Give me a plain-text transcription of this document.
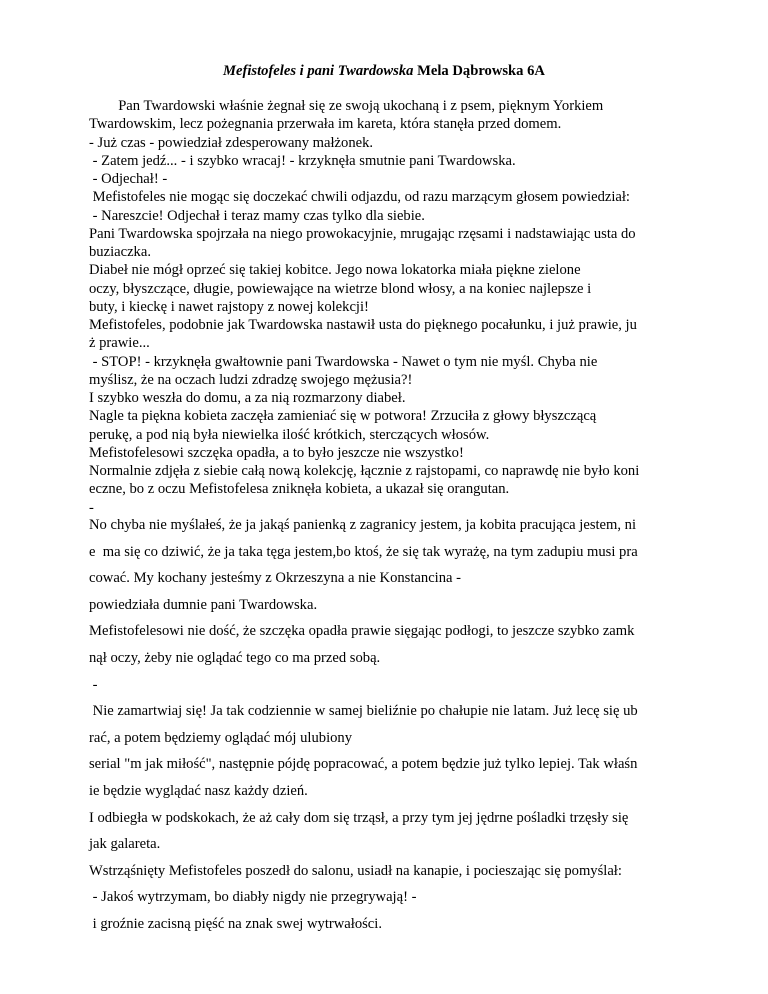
Mefistofeles i pani Twardowska Mela Dąbrowska 6A
Pan Twardowski właśnie żegnał się ze swoją ukochaną i z psem, pięknym Yorkiem
Twardowskim, lecz pożegnania przerwała im kareta, która stanęła przed domem.
- Już czas - powiedział zdesperowany małżonek.
- Zatem jedź... - i szybko wracaj! - krzyknęła smutnie pani Twardowska.
- Odjechał! -
Mefistofeles nie mogąc się doczekać chwili odjazdu, od razu marzącym głosem powiedział:
- Nareszcie! Odjechał i teraz mamy czas tylko dla siebie.
Pani Twardowska spojrzała na niego prowokacyjnie, mrugając rzęsami i nadstawiając usta do
buziaczka.
Diabeł nie mógł oprzeć się takiej kobitce. Jego nowa lokatorka miała piękne zielone
oczy, błyszczące, długie, powiewające na wietrze blond włosy, a na koniec najlepsze i
buty, i kieckę i nawet rajstopy z nowej kolekcji!
Mefistofeles, podobnie jak Twardowska nastawił usta do pięknego pocałunku, i już prawie, ju
ż prawie...
- STOP! - krzyknęła gwałtownie pani Twardowska - Nawet o tym nie myśl. Chyba nie
myślisz, że na oczach ludzi zdradzę swojego mężusia?!
I szybko weszła do domu, a za nią rozmarzony diabeł.
Nagle ta piękna kobieta zaczęła zamieniać się w potwora! Zrzuciła z głowy błyszczącą
perukę, a pod nią była niewielka ilość krótkich, sterczących włosów.
Mefistofelesowi szczęka opadła, a to było jeszcze nie wszystko!
Normalnie zdjęła z siebie całą nową kolekcję, łącznie z rajstopami, co naprawdę nie było koni
eczne, bo z oczu Mefistofelesa zniknęła kobieta, a ukazał się orangutan.
-
No chyba nie myślałeś, że ja jakąś panienką z zagranicy jestem, ja kobita pracująca jestem, ni
e  ma się co dziwić, że ja taka tęga jestem,bo ktoś, że się tak wyrażę, na tym zadupiu musi pra
cować. My kochany jesteśmy z Okrzeszyna a nie Konstancina -
powiedziała dumnie pani Twardowska.
Mefistofelesowi nie dość, że szczęka opadła prawie sięgając podłogi, to jeszcze szybko zamk
nął oczy, żeby nie oglądać tego co ma przed sobą.
-
Nie zamartwiaj się! Ja tak codziennie w samej bieliźnie po chałupie nie latam. Już lecę się ub
rać, a potem będziemy oglądać mój ulubiony
serial "m jak miłość", następnie pójdę popracować, a potem będzie już tylko lepiej. Tak właśn
ie będzie wyglądać nasz każdy dzień.
I odbiegła w podskokach, że aż cały dom się trząsł, a przy tym jej jędrne pośladki trzęsły się
jak galareta.
Wstrząśnięty Mefistofeles poszedł do salonu, usiadł na kanapie, i pocieszając się pomyślał:
- Jakoś wytrzymam, bo diabły nigdy nie przegrywają! -
i groźnie zacisną pięść na znak swej wytrwałości.
